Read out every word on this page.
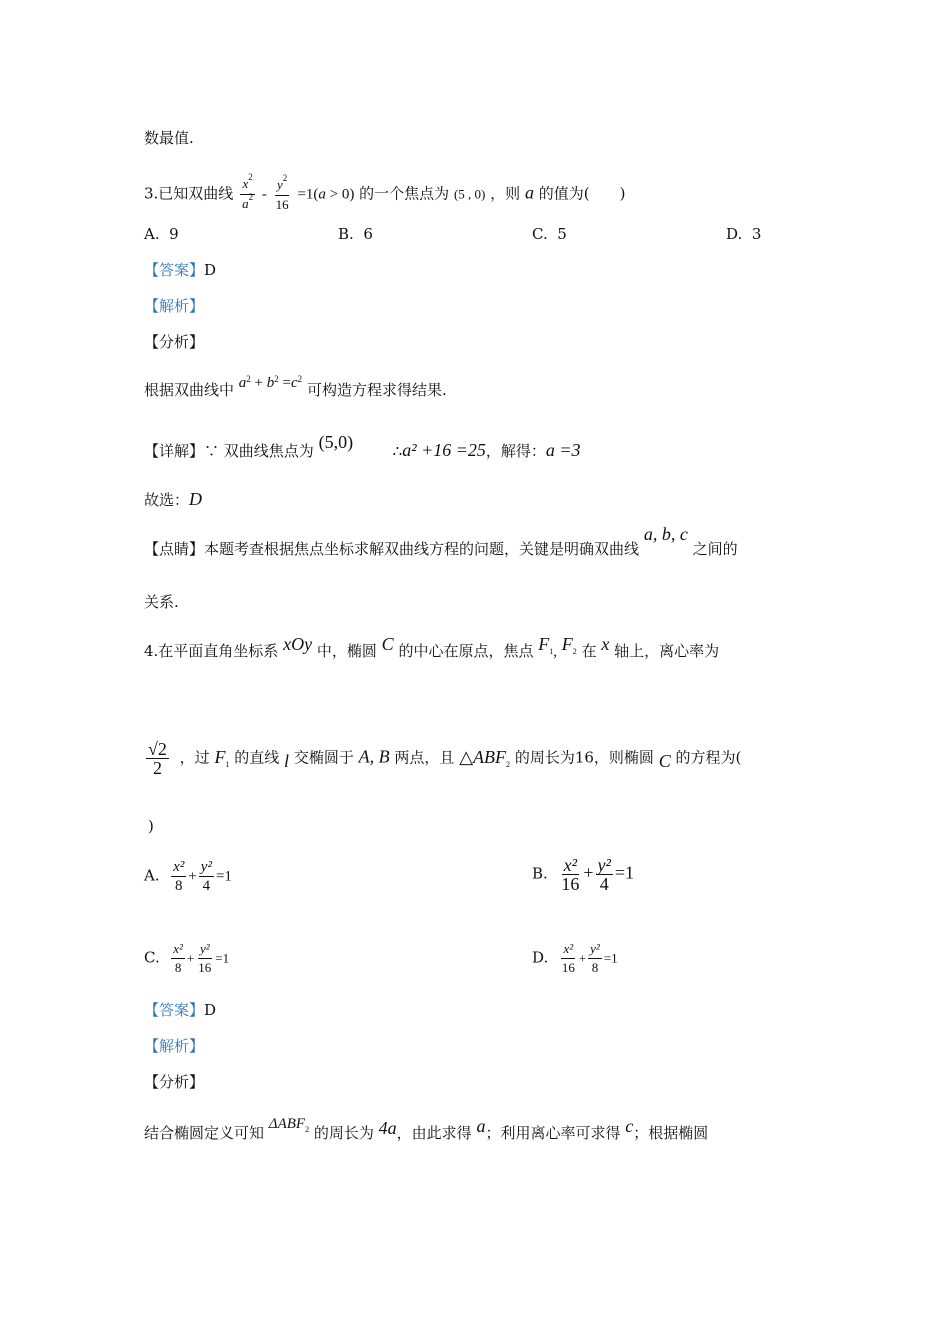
数最值.
3.已知双曲线 $\frac{x^2}{a^2} - \frac{y^2}{16} =1(a > 0)$ 的一个焦点为 (5 , 0) ，则 a 的值为(　　)
A. 9	B. 6	C. 5	D. 3
【答案】D
【解析】
【分析】
根据双曲线中 $a^2 + b^2 =c^2$ 可构造方程求得结果.
【详解】∵ 双曲线焦点为 (5,0)	∴a² +16 =25，解得：a =3
故选：D
【点睛】本题考查根据焦点坐标求解双曲线方程的问题，关键是明确双曲线 a, b, c 之间的
关系.
4.在平面直角坐标系 xOy 中，椭圆 C 的中心在原点，焦点 $F_1$, $F_2$ 在 x 轴上，离心率为
$\frac{√2}{2}$ ，过 $F_1$ 的直线 l 交椭圆于 A, B 两点，且 $\triangle ABF_2$ 的周长为16，则椭圆 C 的方程为(
)
A. $\frac{\text{x²}}{8} + \frac{\text{y²}}{4} =1$	B. $\frac{\text{x²}}{16} + \frac{\text{y²}}{4} =1$
C. $\frac{\text{x²}}{8} + \frac{\text{y²}}{16} =1$	D. $\frac{\text{x²}}{16} + \frac{\text{y²}}{8} =1$
【答案】D
【解析】
【分析】
结合椭圆定义可知 $\Delta ABF_2$ 的周长为 4a，由此求得 a；利用离心率可求得 c；根据椭圆
